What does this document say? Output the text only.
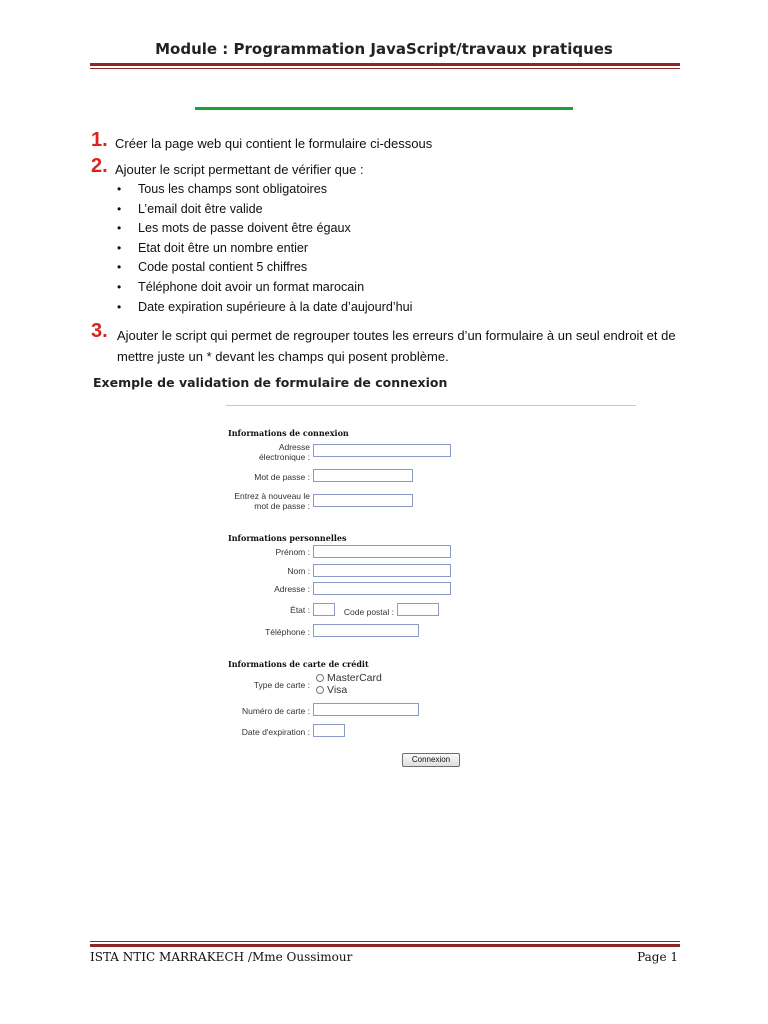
Module : Programmation JavaScript/travaux pratiques
1. Créer la page web qui contient le formulaire ci-dessous
2. Ajouter le script permettant de vérifier que :
• Tous les champs sont obligatoires
• L’email doit être valide
• Les mots de passe doivent être égaux
• Etat doit être un nombre entier
• Code postal contient 5 chiffres
• Téléphone doit avoir un format marocain
• Date expiration supérieure à la date d’aujourd’hui
3. Ajouter le script qui permet de regrouper toutes les erreurs d’un formulaire à un seul endroit et de mettre juste un * devant les champs qui posent problème.
Exemple de validation de formulaire de connexion
Informations de connexion
Adresse
électronique :
Mot de passe :
Entrez à nouveau le
mot de passe :
Informations personnelles
Prénom :
Nom :
Adresse :
État :	Code postal :
Téléphone :
Informations de carte de crédit
Type de carte :
MasterCard
Visa
Numéro de carte :
Date d'expiration :
Connexion
ISTA NTIC MARRAKECH /Mme Oussimour	Page 1
